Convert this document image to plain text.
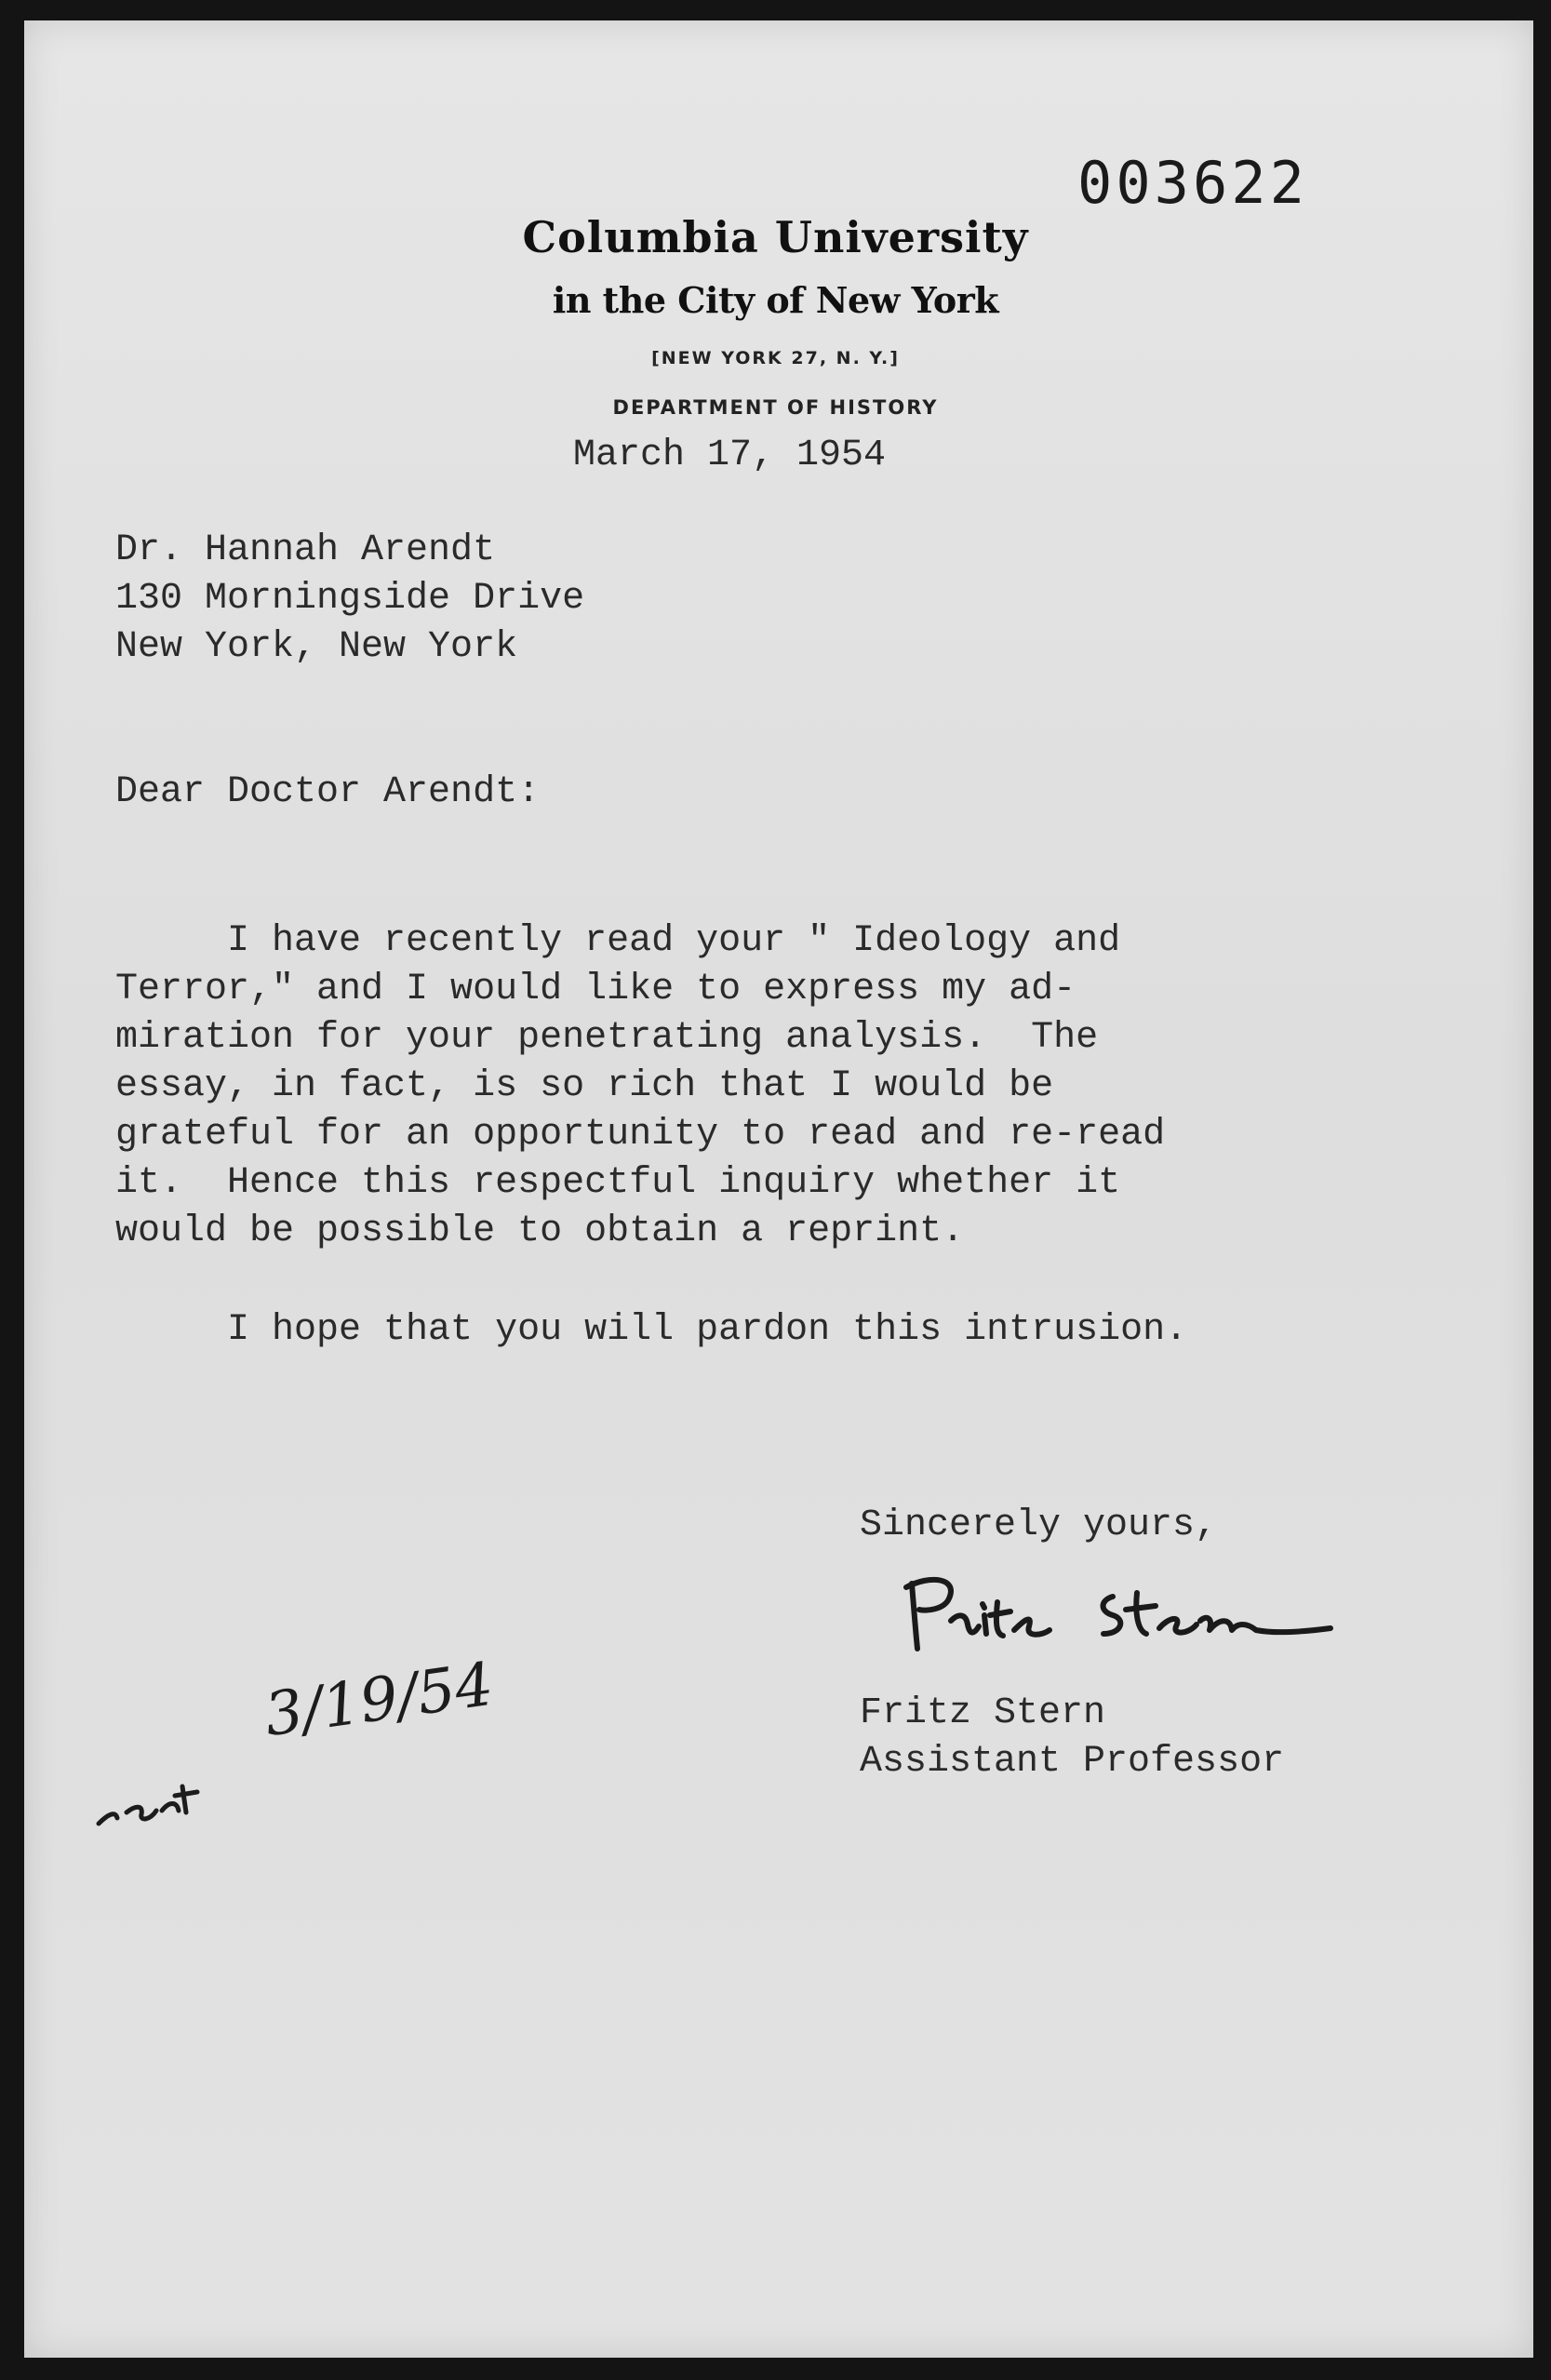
003622
Columbia University
in the City of New York
[NEW YORK 27, N. Y.]
DEPARTMENT OF HISTORY
March 17, 1954
Dr. Hannah Arendt
130 Morningside Drive
New York, New York
Dear Doctor Arendt:
I have recently read your " Ideology and
Terror," and I would like to express my ad-
miration for your penetrating analysis.  The
essay, in fact, is so rich that I would be
grateful for an opportunity to read and re-read
it.  Hence this respectful inquiry whether it
would be possible to obtain a reprint.
I hope that you will pardon this intrusion.
Sincerely yours,
Fritz Stern
Assistant Professor
3/19/54
